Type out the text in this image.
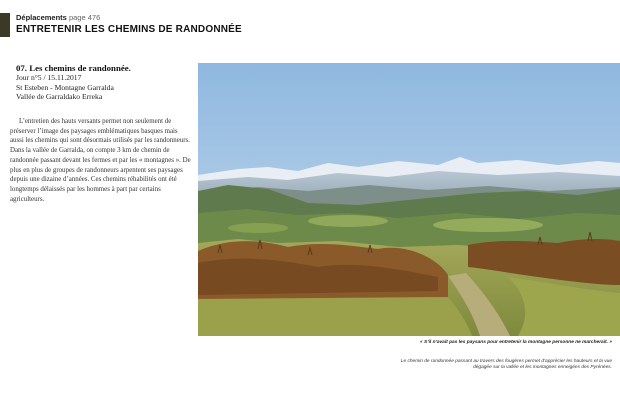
Déplacements page 476
ENTRETENIR LES CHEMINS DE RANDONNÉE
07. Les chemins de randonnée.
Jour n°5 / 15.11.2017
St Esteben - Montagne Garralda
Vallée de Garraldako Erreka
L’entretien des hauts versants permet non seulement de préserver l’image des paysages emblématiques basques mais aussi les chemins qui sont désormais utilisés par les randonneurs. Dans la vallée de Garralda, on compte 3 km de chemin de randonnée passant devant les fermes et par les « montagnes ». De plus en plus de groupes de randonneurs arpentent ses paysages depuis une dizaine d’années. Ces chemins réhabilités ont été longtemps délaissés par les hommes à part par certains agriculteurs.
« S’il n’avait pas les paysans pour entretenir la montagne personne ne marcherait. »
Le chemin de randonnée passant au travers des fougères permet d’apprécier les hauteurs et la vue dégagée sur la vallée et les montagnes enneigées des Pyrénées.
